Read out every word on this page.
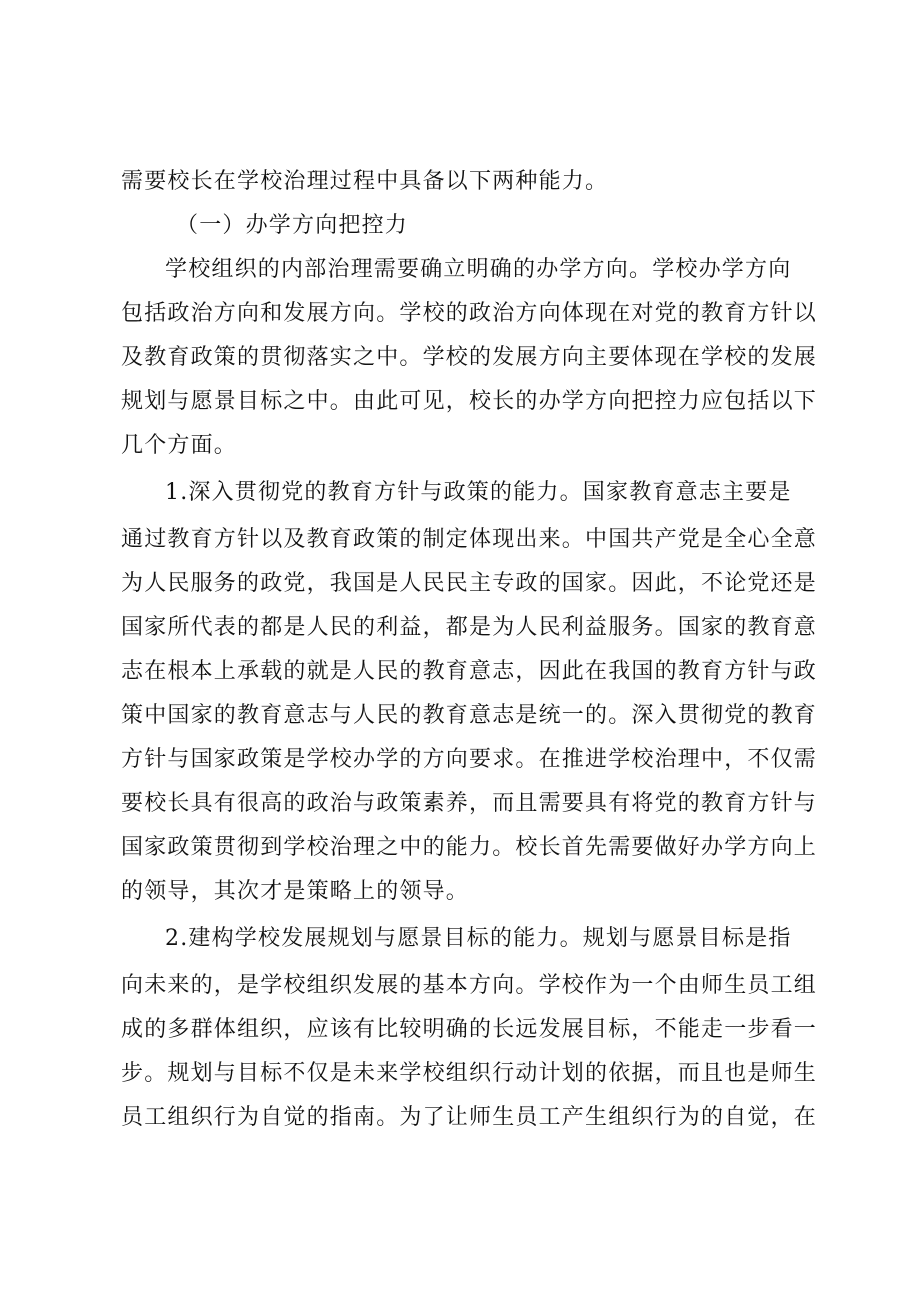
需要校长在学校治理过程中具备以下两种能力。
（一）办学方向把控力
学校组织的内部治理需要确立明确的办学方向。学校办学方向
包括政治方向和发展方向。学校的政治方向体现在对党的教育方针以
及教育政策的贯彻落实之中。学校的发展方向主要体现在学校的发展
规划与愿景目标之中。由此可见，校长的办学方向把控力应包括以下
几个方面。
1.深入贯彻党的教育方针与政策的能力。国家教育意志主要是
通过教育方针以及教育政策的制定体现出来。中国共产党是全心全意
为人民服务的政党，我国是人民民主专政的国家。因此，不论党还是
国家所代表的都是人民的利益，都是为人民利益服务。国家的教育意
志在根本上承载的就是人民的教育意志，因此在我国的教育方针与政
策中国家的教育意志与人民的教育意志是统一的。深入贯彻党的教育
方针与国家政策是学校办学的方向要求。在推进学校治理中，不仅需
要校长具有很高的政治与政策素养，而且需要具有将党的教育方针与
国家政策贯彻到学校治理之中的能力。校长首先需要做好办学方向上
的领导，其次才是策略上的领导。
2.建构学校发展规划与愿景目标的能力。规划与愿景目标是指
向未来的，是学校组织发展的基本方向。学校作为一个由师生员工组
成的多群体组织，应该有比较明确的长远发展目标，不能走一步看一
步。规划与目标不仅是未来学校组织行动计划的依据，而且也是师生
员工组织行为自觉的指南。为了让师生员工产生组织行为的自觉，在
